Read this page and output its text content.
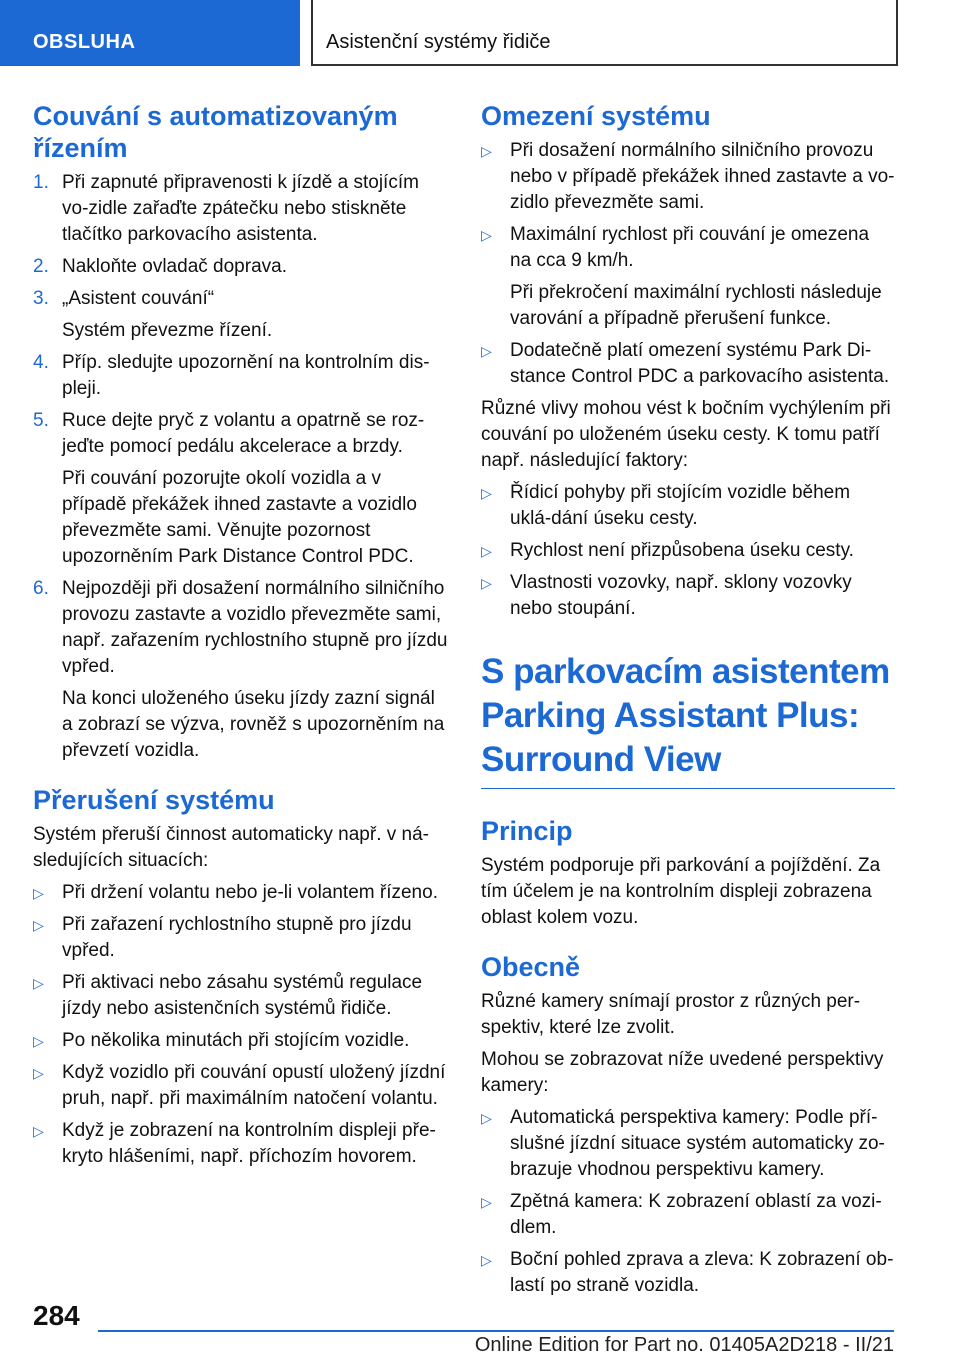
OBSLUHA	Asistenční systémy řidiče
Couvání s automatizovaným řízením
1. Při zapnuté připravenosti k jízdě a stojícím vo-zidle zařaďte zpátečku nebo stiskněte tlačítko parkovacího asistenta.
2. Nakloňte ovladač doprava.
3. „Asistent couvání“
Systém převezme řízení.
4. Příp. sledujte upozornění na kontrolním dis-pleji.
5. Ruce dejte pryč z volantu a opatrně se roz-jeďte pomocí pedálu akcelerace a brzdy.
Při couvání pozorujte okolí vozidla a v případě překážek ihned zastavte a vozidlo převezměte sami. Věnujte pozornost upozorněním Park Distance Control PDC.
6. Nejpozději při dosažení normálního silničního provozu zastavte a vozidlo převezměte sami, např. zařazením rychlostního stupně pro jízdu vpřed.
Na konci uloženého úseku jízdy zazní signál a zobrazí se výzva, rovněž s upozorněním na převzetí vozidla.
Přerušení systému

Systém přeruší činnost automaticky např. v ná-sledujících situacích:

▷ Při držení volantu nebo je-li volantem řízeno.
▷ Při zařazení rychlostního stupně pro jízdu vpřed.
▷ Při aktivaci nebo zásahu systémů regulace jízdy nebo asistenčních systémů řidiče.
▷ Po několika minutách při stojícím vozidle.
▷ Když vozidlo při couvání opustí uložený jízdní pruh, např. při maximálním natočení volantu.
▷ Když je zobrazení na kontrolním displeji pře-kryto hlášeními, např. příchozím hovorem.
Omezení systému
▷ Při dosažení normálního silničního provozu nebo v případě překážek ihned zastavte a vo-zidlo převezměte sami.
▷ Maximální rychlost při couvání je omezena na cca 9 km/h.
Při překročení maximální rychlosti následuje varování a případně přerušení funkce.
▷ Dodatečně platí omezení systému Park Di-stance Control PDC a parkovacího asistenta.

Různé vlivy mohou vést k bočním vychýlením při couvání po uloženém úseku cesty. K tomu patří např. následující faktory:

▷ Řídicí pohyby při stojícím vozidle během uklá-dání úseku cesty.
▷ Rychlost není přizpůsobena úseku cesty.
▷ Vlastnosti vozovky, např. sklony vozovky nebo stoupání.
S parkovacím asistentem Parking Assistant Plus: Surround View
Princip

Systém podporuje při parkování a pojíždění. Za tím účelem je na kontrolním displeji zobrazena oblast kolem vozu.

Obecně

Různé kamery snímají prostor z různých per-spektiv, které lze zvolit.

Mohou se zobrazovat níže uvedené perspektivy kamery:

▷ Automatická perspektiva kamery: Podle pří-slušné jízdní situace systém automaticky zo-brazuje vhodnou perspektivu kamery.
▷ Zpětná kamera: K zobrazení oblastí za vozi-dlem.
▷ Boční pohled zprava a zleva: K zobrazení ob-lastí po straně vozidla.
284
Online Edition for Part no. 01405A2D218 - II/21
